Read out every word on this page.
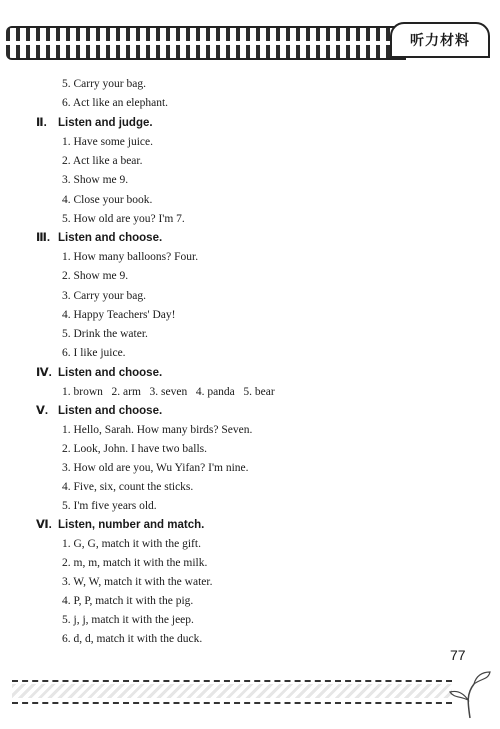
听力材料
5. Carry your bag.
6. Act like an elephant.
Ⅱ. Listen and judge.
1. Have some juice.
2. Act like a bear.
3. Show me 9.
4. Close your book.
5. How old are you? I'm 7.
Ⅲ. Listen and choose.
1. How many balloons? Four.
2. Show me 9.
3. Carry your bag.
4. Happy Teachers' Day!
5. Drink the water.
6. I like juice.
Ⅳ. Listen and choose.
1. brown   2. arm   3. seven   4. panda   5. bear
Ⅴ. Listen and choose.
1. Hello, Sarah. How many birds? Seven.
2. Look, John. I have two balls.
3. How old are you, Wu Yifan? I'm nine.
4. Five, six, count the sticks.
5. I'm five years old.
Ⅵ. Listen, number and match.
1. G, G, match it with the gift.
2. m, m, match it with the milk.
3. W, W, match it with the water.
4. P, P, match it with the pig.
5. j, j, match it with the jeep.
6. d, d, match it with the duck.
77
